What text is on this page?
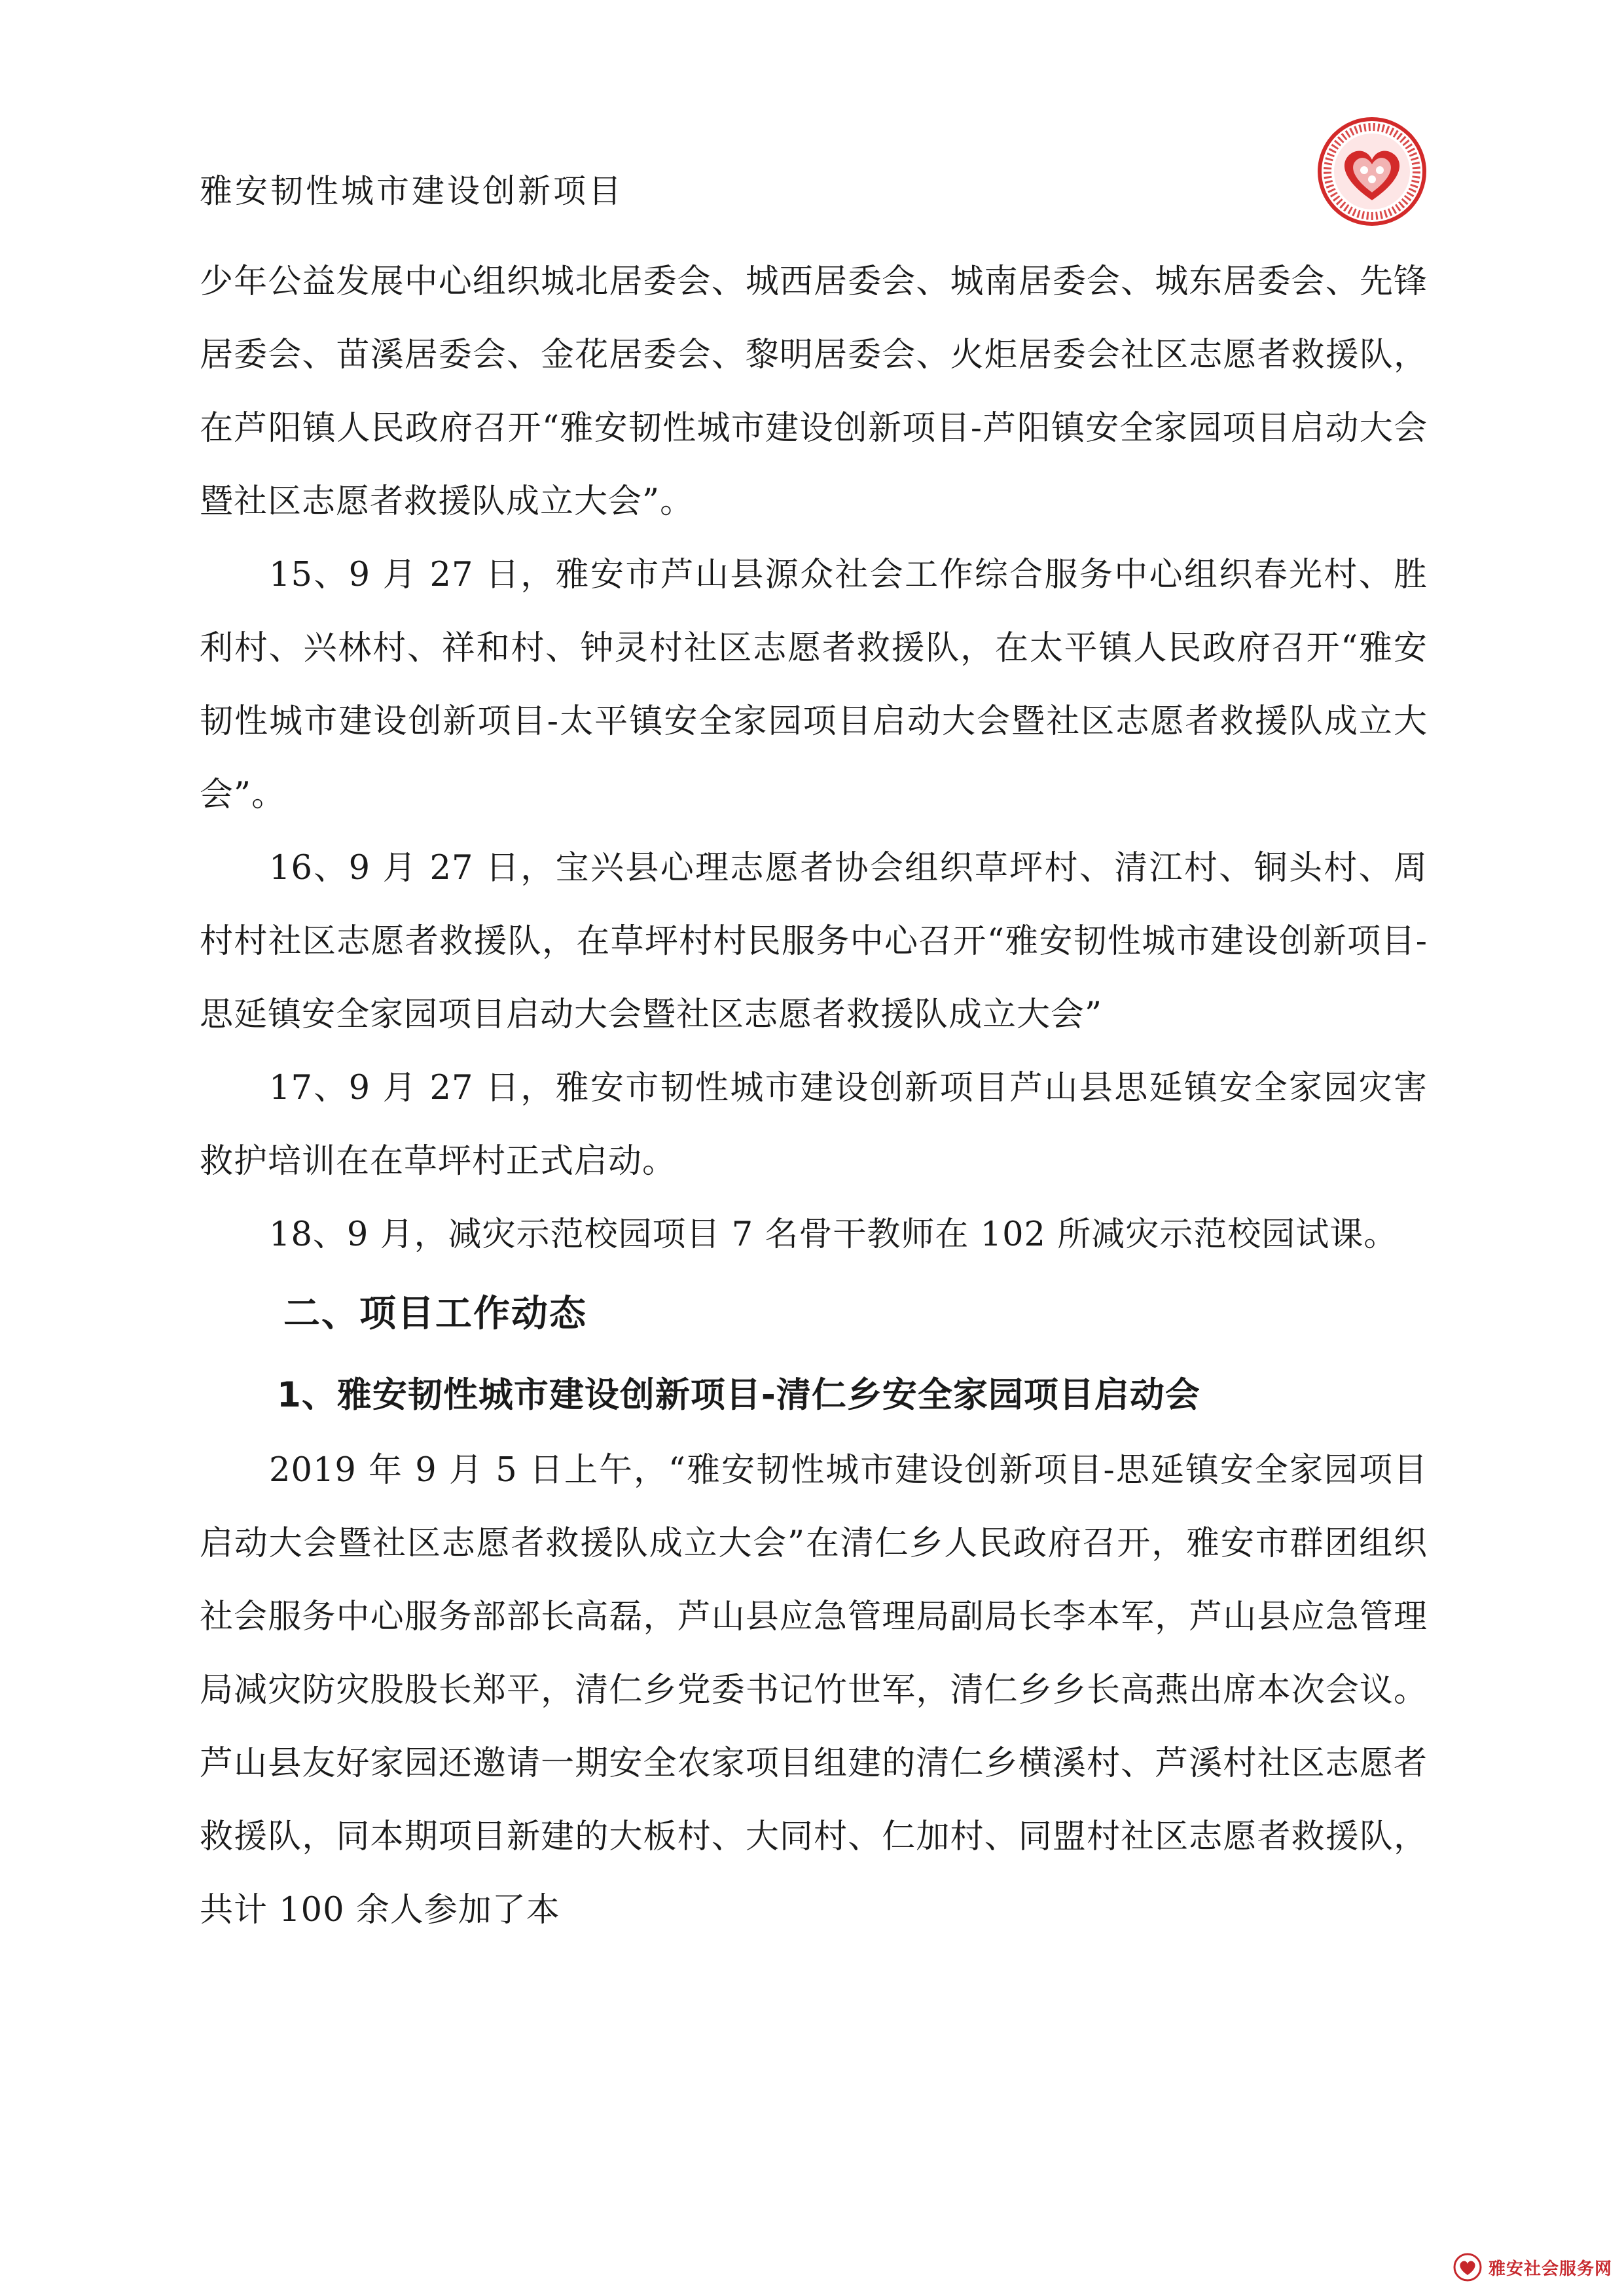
雅安韧性城市建设创新项目

少年公益发展中心组织城北居委会、城西居委会、城南居委会、城东居委会、先锋居委会、苗溪居委会、金花居委会、黎明居委会、火炬居委会社区志愿者救援队，在芦阳镇人民政府召开“雅安韧性城市建设创新项目-芦阳镇安全家园项目启动大会暨社区志愿者救援队成立大会”。

15、9 月 27 日，雅安市芦山县源众社会工作综合服务中心组织春光村、胜利村、兴林村、祥和村、钟灵村社区志愿者救援队，在太平镇人民政府召开“雅安韧性城市建设创新项目-太平镇安全家园项目启动大会暨社区志愿者救援队成立大会”。

16、9 月 27 日，宝兴县心理志愿者协会组织草坪村、清江村、铜头村、周村村社区志愿者救援队，在草坪村村民服务中心召开“雅安韧性城市建设创新项目-思延镇安全家园项目启动大会暨社区志愿者救援队成立大会”

17、9 月 27 日，雅安市韧性城市建设创新项目芦山县思延镇安全家园灾害救护培训在在草坪村正式启动。

18、9 月，减灾示范校园项目 7 名骨干教师在 102 所减灾示范校园试课。

二、项目工作动态
1、雅安韧性城市建设创新项目-清仁乡安全家园项目启动会

2019 年 9 月 5 日上午，“雅安韧性城市建设创新项目-思延镇安全家园项目启动大会暨社区志愿者救援队成立大会”在清仁乡人民政府召开，雅安市群团组织社会服务中心服务部部长高磊，芦山县应急管理局副局长李本军，芦山县应急管理局减灾防灾股股长郑平，清仁乡党委书记竹世军，清仁乡乡长高燕出席本次会议。芦山县友好家园还邀请一期安全农家项目组建的清仁乡横溪村、芦溪村社区志愿者救援队，同本期项目新建的大板村、大同村、仁加村、同盟村社区志愿者救援队，共计 100 余人参加了本

雅安社会服务网
